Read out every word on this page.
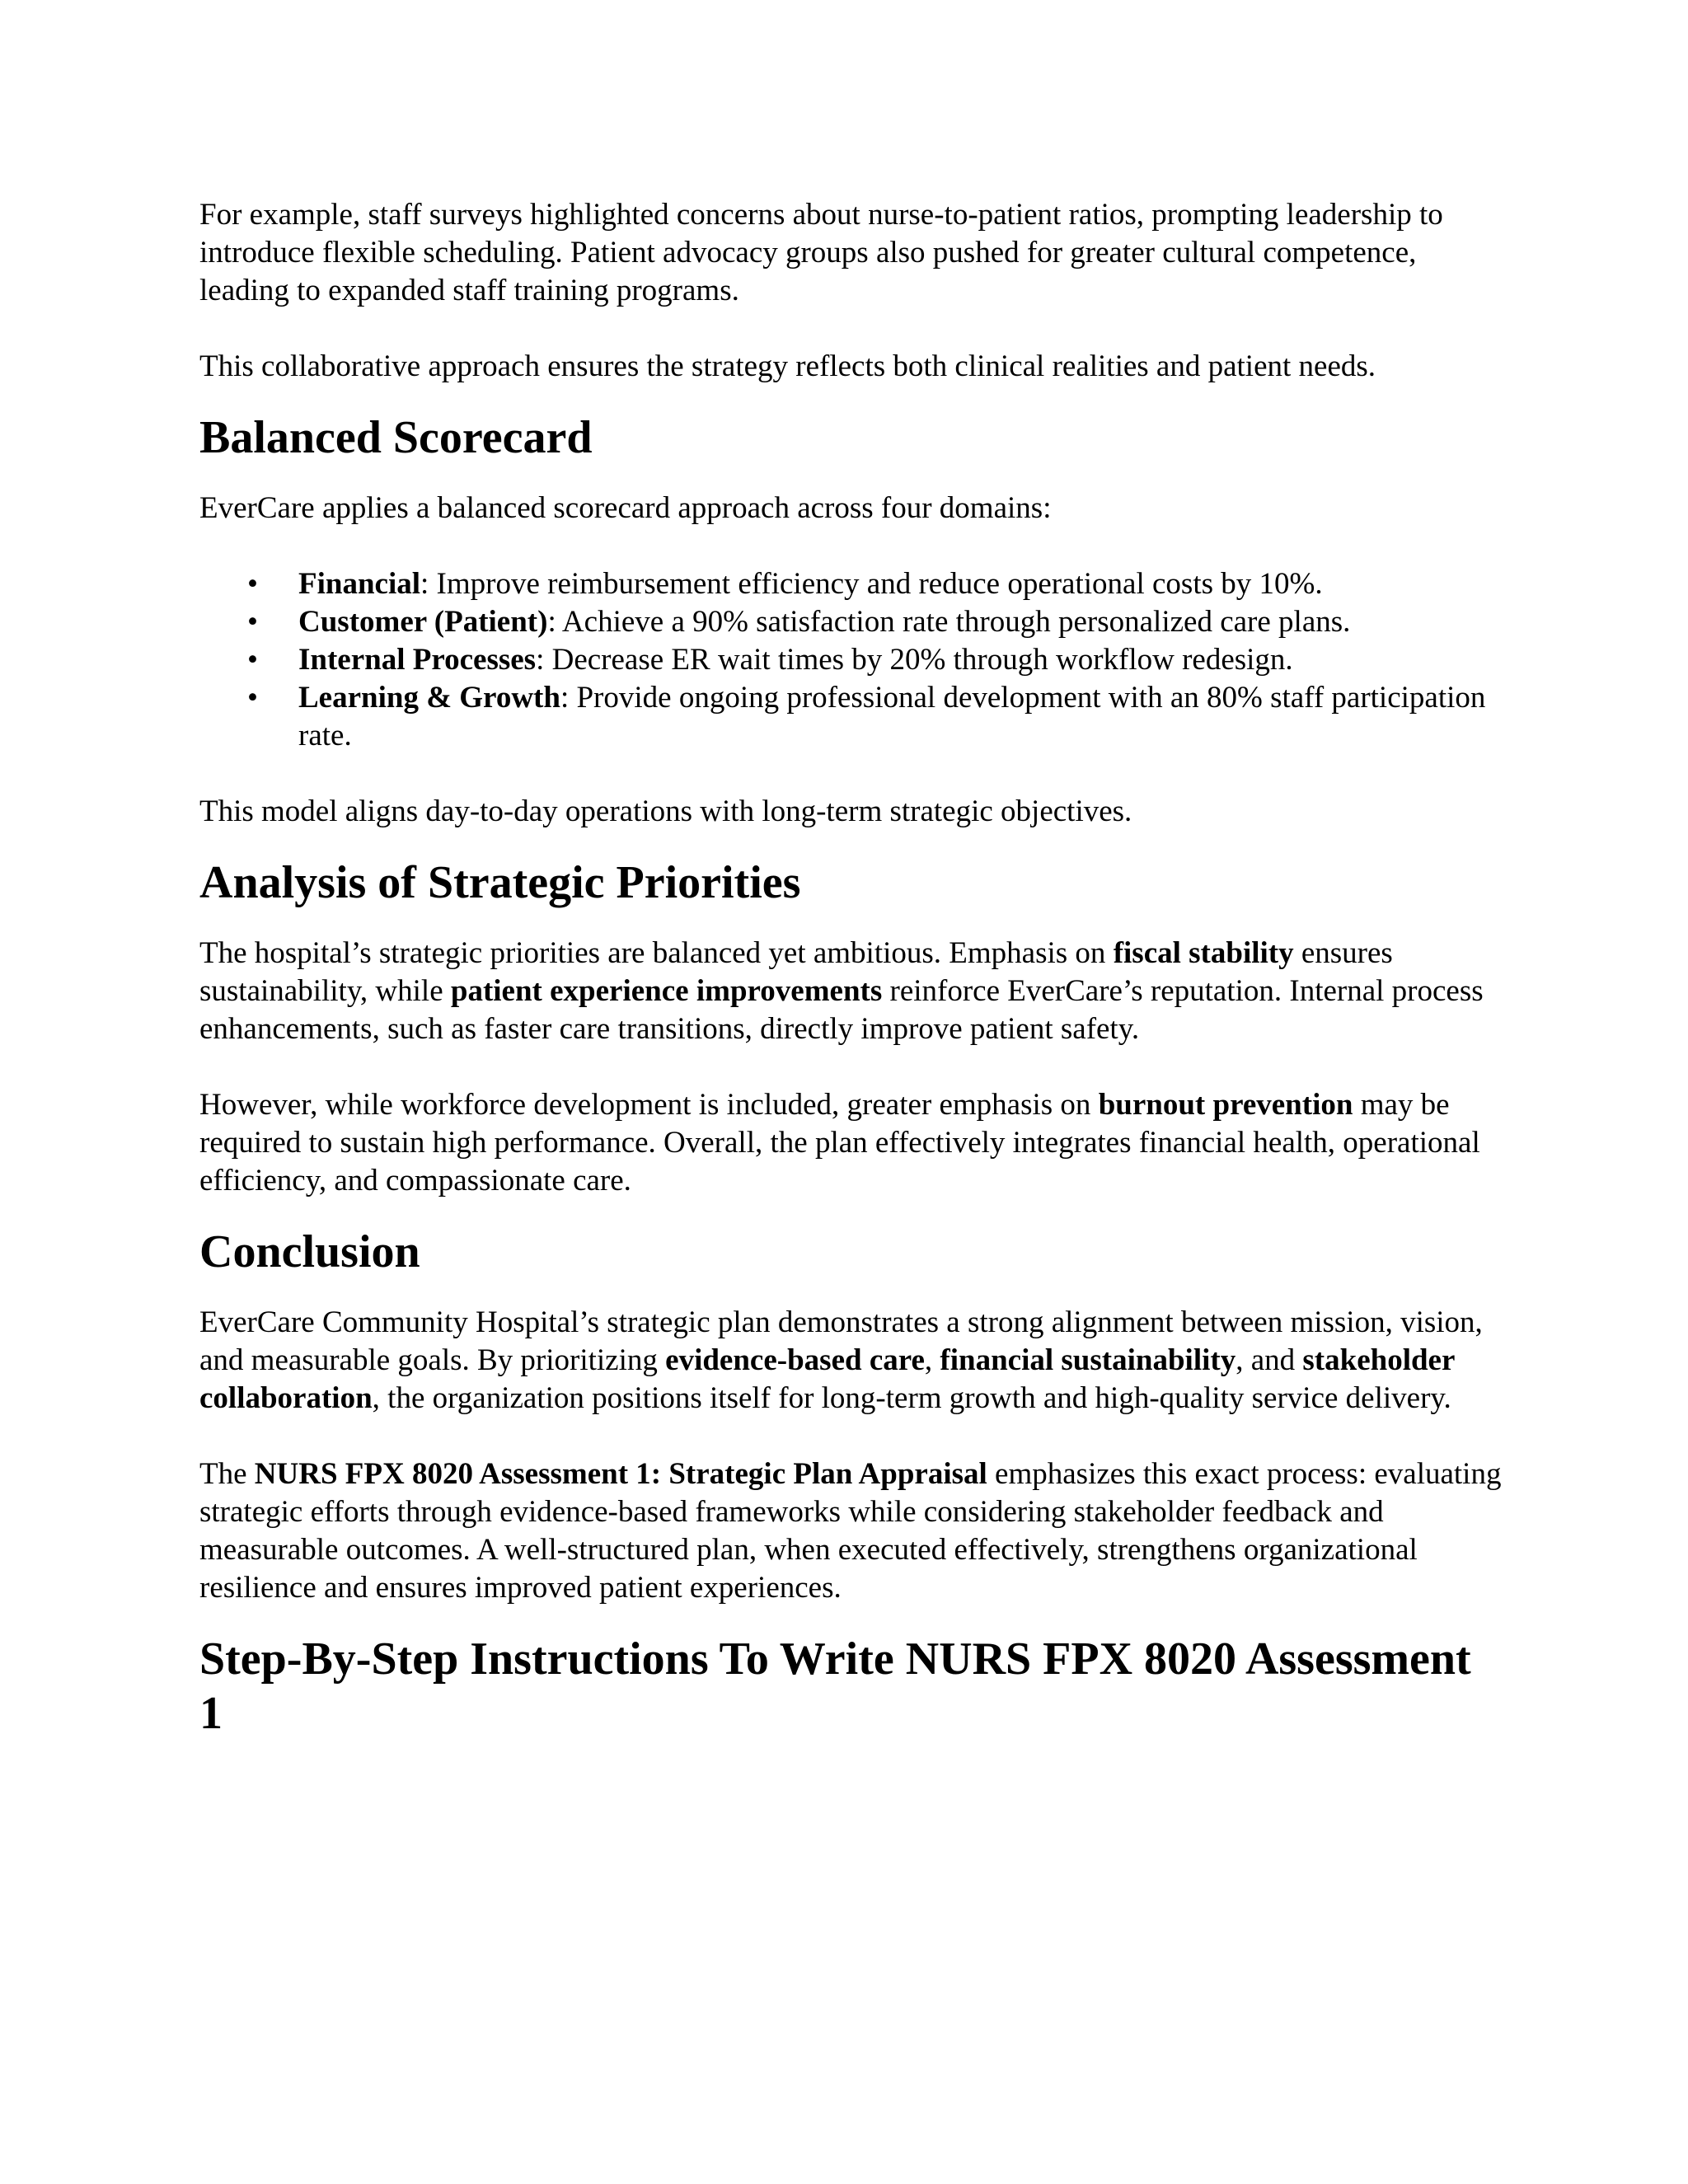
For example, staff surveys highlighted concerns about nurse-to-patient ratios, prompting leadership to introduce flexible scheduling. Patient advocacy groups also pushed for greater cultural competence, leading to expanded staff training programs.

This collaborative approach ensures the strategy reflects both clinical realities and patient needs.

Balanced Scorecard

EverCare applies a balanced scorecard approach across four domains:

• Financial: Improve reimbursement efficiency and reduce operational costs by 10%.
• Customer (Patient): Achieve a 90% satisfaction rate through personalized care plans.
• Internal Processes: Decrease ER wait times by 20% through workflow redesign.
• Learning & Growth: Provide ongoing professional development with an 80% staff participation rate.

This model aligns day-to-day operations with long-term strategic objectives.

Analysis of Strategic Priorities

The hospital’s strategic priorities are balanced yet ambitious. Emphasis on fiscal stability ensures sustainability, while patient experience improvements reinforce EverCare’s reputation. Internal process enhancements, such as faster care transitions, directly improve patient safety.

However, while workforce development is included, greater emphasis on burnout prevention may be required to sustain high performance. Overall, the plan effectively integrates financial health, operational efficiency, and compassionate care.

Conclusion

EverCare Community Hospital’s strategic plan demonstrates a strong alignment between mission, vision, and measurable goals. By prioritizing evidence-based care, financial sustainability, and stakeholder collaboration, the organization positions itself for long-term growth and high-quality service delivery.

The NURS FPX 8020 Assessment 1: Strategic Plan Appraisal emphasizes this exact process: evaluating strategic efforts through evidence-based frameworks while considering stakeholder feedback and measurable outcomes. A well-structured plan, when executed effectively, strengthens organizational resilience and ensures improved patient experiences.

Step-By-Step Instructions To Write NURS FPX 8020 Assessment 1
